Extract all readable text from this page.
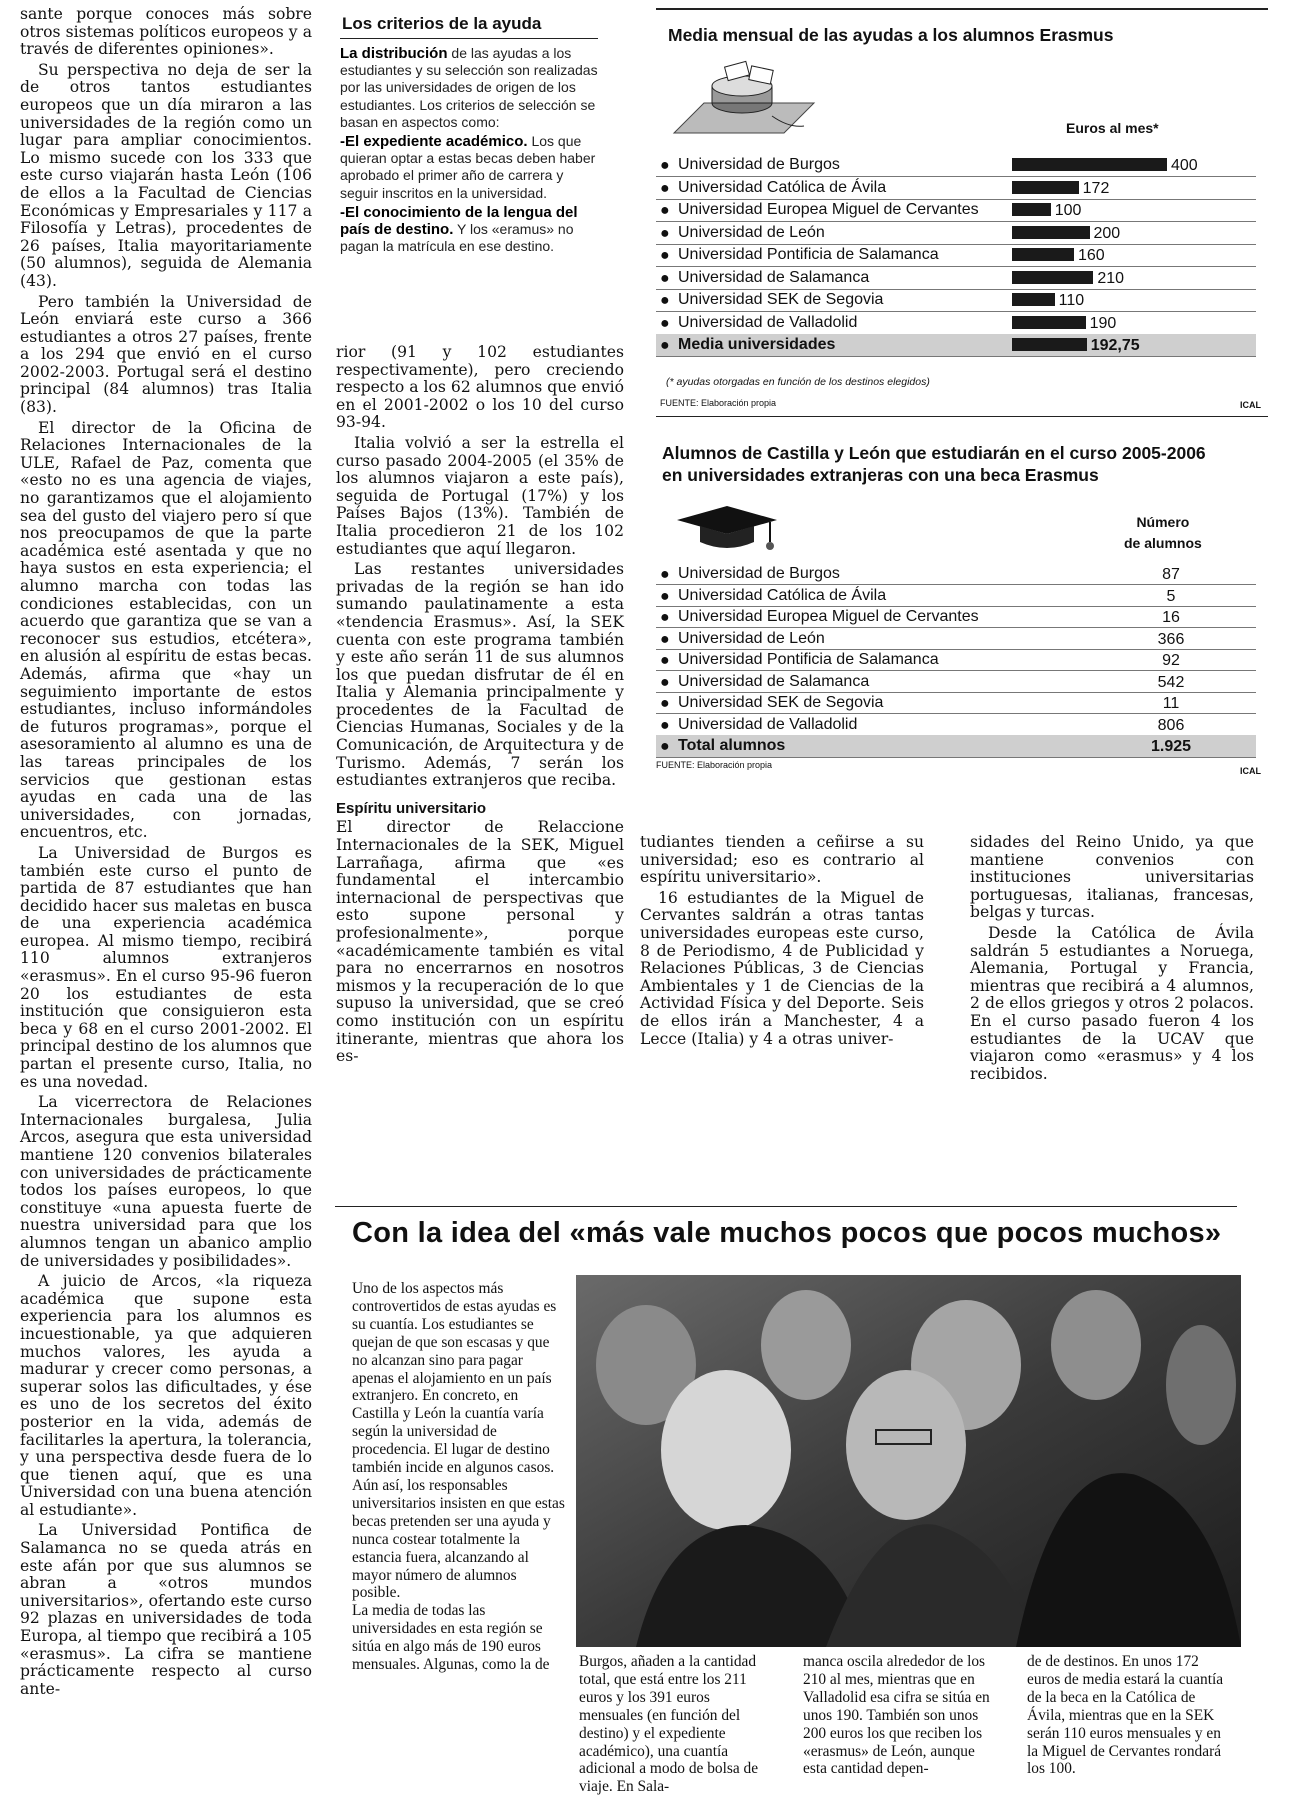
sante porque conoces más sobre otros sistemas políticos europeos y a través de diferentes opiniones».

Su perspectiva no deja de ser la de otros tantos estudiantes europeos que un día miraron a las universidades de la región como un lugar para ampliar conocimientos. Lo mismo sucede con los 333 que este curso viajarán hasta León (106 de ellos a la Facultad de Ciencias Económicas y Empresariales y 117 a Filosofía y Letras), procedentes de 26 países, Italia mayoritariamente (50 alumnos), seguida de Alemania (43).

Pero también la Universidad de León enviará este curso a 366 estudiantes a otros 27 países, frente a los 294 que envió en el curso 2002-2003. Portugal será el destino principal (84 alumnos) tras Italia (83).

El director de la Oficina de Relaciones Internacionales de la ULE, Rafael de Paz, comenta que «esto no es una agencia de viajes, no garantizamos que el alojamiento sea del gusto del viajero pero sí que nos preocupamos de que la parte académica esté asentada y que no haya sustos en esta experiencia; el alumno marcha con todas las condiciones establecidas, con un acuerdo que garantiza que se van a reconocer sus estudios, etcétera», en alusión al espíritu de estas becas. Además, afirma que «hay un seguimiento importante de estos estudiantes, incluso informándoles de futuros programas», porque el asesoramiento al alumno es una de las tareas principales de los servicios que gestionan estas ayudas en cada una de las universidades, con jornadas, encuentros, etc.

La Universidad de Burgos es también este curso el punto de partida de 87 estudiantes que han decidido hacer sus maletas en busca de una experiencia académica europea. Al mismo tiempo, recibirá 110 alumnos extranjeros «erasmus». En el curso 95-96 fueron 20 los estudiantes de esta institución que consiguieron esta beca y 68 en el curso 2001-2002. El principal destino de los alumnos que partan el presente curso, Italia, no es una novedad.

La vicerrectora de Relaciones Internacionales burgalesa, Julia Arcos, asegura que esta universidad mantiene 120 convenios bilaterales con universidades de prácticamente todos los países europeos, lo que constituye «una apuesta fuerte de nuestra universidad para que los alumnos tengan un abanico amplio de universidades y posibilidades».

A juicio de Arcos, «la riqueza académica que supone esta experiencia para los alumnos es incuestionable, ya que adquieren muchos valores, les ayuda a madurar y crecer como personas, a superar solos las dificultades, y ése es uno de los secretos del éxito posterior en la vida, además de facilitarles la apertura, la tolerancia, y una perspectiva desde fuera de lo que tienen aquí, que es una Universidad con una buena atención al estudiante».

La Universidad Pontifica de Salamanca no se queda atrás en este afán por que sus alumnos se abran a «otros mundos universitarios», ofertando este curso 92 plazas en universidades de toda Europa, al tiempo que recibirá a 105 «erasmus». La cifra se mantiene prácticamente respecto al curso ante-

Los criterios de la ayuda
La distribución de las ayudas a los estudiantes y su selección son realizadas por las universidades de origen de los estudiantes. Los criterios de selección se basan en aspectos como:
-El expediente académico. Los que quieran optar a estas becas deben haber aprobado el primer año de carrera y seguir inscritos en la universidad.
-El conocimiento de la lengua del país de destino. Y los «eramus» no pagan la matrícula en ese destino.

rior (91 y 102 estudiantes respectivamente), pero creciendo respecto a los 62 alumnos que envió en el 2001-2002 o los 10 del curso 93-94.

Italia volvió a ser la estrella el curso pasado 2004-2005 (el 35% de los alumnos viajaron a este país), seguida de Portugal (17%) y los Países Bajos (13%). También de Italia procedieron 21 de los 102 estudiantes que aquí llegaron.

Las restantes universidades privadas de la región se han ido sumando paulatinamente a esta «tendencia Erasmus». Así, la SEK cuenta con este programa también y este año serán 11 de sus alumnos los que puedan disfrutar de él en Italia y Alemania principalmente y procedentes de la Facultad de Ciencias Humanas, Sociales y de la Comunicación, de Arquitectura y de Turismo. Además, 7 serán los estudiantes extranjeros que reciba.

Espíritu universitario

El director de Relaccione Internacionales de la SEK, Miguel Larrañaga, afirma que «es fundamental el intercambio internacional de perspectivas que esto supone personal y profesionalmente», porque «académicamente también es vital para no encerrarnos en nosotros mismos y la recuperación de lo que supuso la universidad, que se creó como institución con un espíritu itinerante, mientras que ahora los es-

tudiantes tienden a ceñirse a su universidad; eso es contrario al espíritu universitario».

16 estudiantes de la Miguel de Cervantes saldrán a otras tantas universidades europeas este curso, 8 de Periodismo, 4 de Publicidad y Relaciones Públicas, 3 de Ciencias Ambientales y 1 de Ciencias de la Actividad Física y del Deporte. Seis de ellos irán a Manchester, 4 a Lecce (Italia) y 4 a otras univer-

sidades del Reino Unido, ya que mantiene convenios con instituciones universitarias portuguesas, italianas, francesas, belgas y turcas.

Desde la Católica de Ávila saldrán 5 estudiantes a Noruega, Alemania, Portugal y Francia, mientras que recibirá a 4 alumnos, 2 de ellos griegos y otros 2 polacos. En el curso pasado fueron 4 los estudiantes de la UCAV que viajaron como «erasmus» y 4 los recibidos.

Media mensual de las ayudas a los alumnos Erasmus
Euros al mes*
● Universidad de Burgos	400
● Universidad Católica de Ávila	172
● Universidad Europea Miguel de Cervantes	100
● Universidad de León	200
● Universidad Pontificia de Salamanca	160
● Universidad de Salamanca	210
● Universidad SEK de Segovia	110
● Universidad de Valladolid	190
● Media universidades	192,75
(* ayudas otorgadas en función de los destinos elegidos)
FUENTE: Elaboración propia	ICAL
Alumnos de Castilla y León que estudiarán en el curso 2005-2006 en universidades extranjeras con una beca Erasmus
Número
de alumnos
● Universidad de Burgos	87
● Universidad Católica de Ávila	5
● Universidad Europea Miguel de Cervantes	16
● Universidad de León	366
● Universidad Pontificia de Salamanca	92
● Universidad de Salamanca	542
● Universidad SEK de Segovia	11
● Universidad de Valladolid	806
● Total alumnos	1.925
FUENTE: Elaboración propia
ICAL
Con la idea del «más vale muchos pocos que pocos muchos»

Uno de los aspectos más controvertidos de estas ayudas es su cuantía. Los estudiantes se quejan de que son escasas y que no alcanzan sino para pagar apenas el alojamiento en un país extranjero. En concreto, en Castilla y León la cuantía varía según la universidad de procedencia. El lugar de destino también incide en algunos casos. Aún así, los responsables universitarios insisten en que estas becas pretenden ser una ayuda y nunca costear totalmente la estancia fuera, alcanzando al mayor número de alumnos posible.

La media de todas las universidades en esta región se sitúa en algo más de 190 euros mensuales. Algunas, como la de	Burgos, añaden a la cantidad total, que está entre los 211 euros y los 391 euros mensuales (en función del destino) y el expediente académico), una cuantía adicional a modo de bolsa de viaje. En Sala-

manca oscila alrededor de los 210 al mes, mientras que en Valladolid esa cifra se sitúa en unos 190. También son unos 200 euros los que reciben los «erasmus» de León, aunque esta cantidad depen-

de de destinos. En unos 172 euros de media estará la cuantía de la beca en la Católica de Ávila, mientras que en la SEK serán 110 euros mensuales y en la Miguel de Cervantes rondará los 100.
